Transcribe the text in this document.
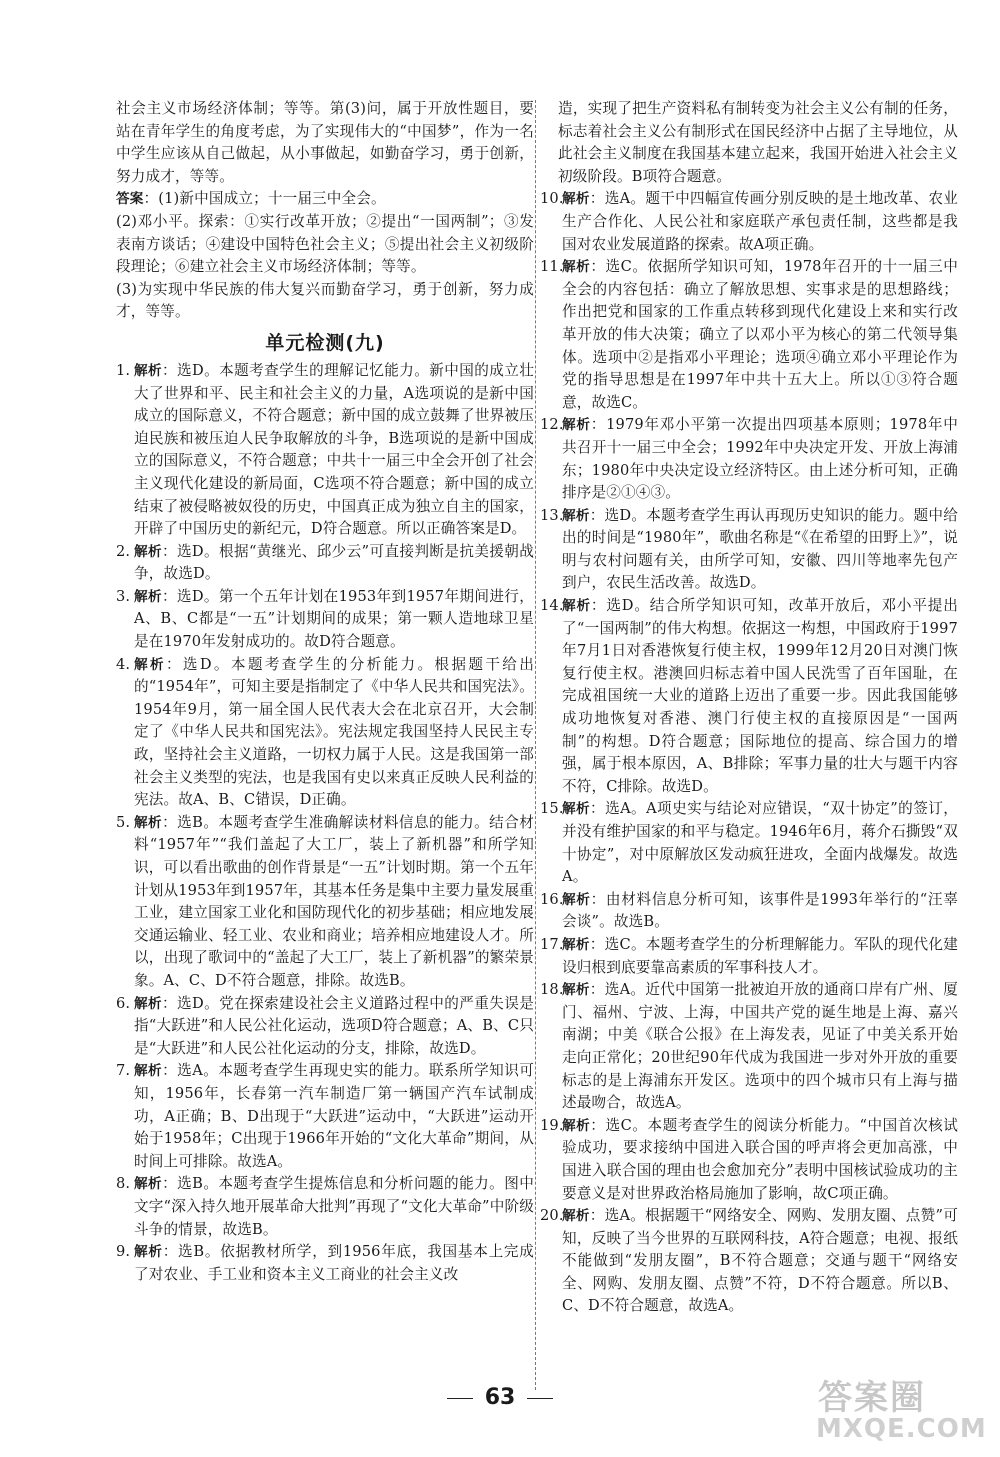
社会主义市场经济体制；等等。第(3)问，属于开放性题目，要站在青年学生的角度考虑，为了实现伟大的“中国梦”，作为一名中学生应该从自己做起，从小事做起，如勤奋学习，勇于创新，努力成才，等等。

答案：(1)新中国成立；十一届三中全会。

(2)邓小平。探索：①实行改革开放；②提出“一国两制”；③发表南方谈话；④建设中国特色社会主义；⑤提出社会主义初级阶段理论；⑥建立社会主义市场经济体制；等等。

(3)为实现中华民族的伟大复兴而勤奋学习，勇于创新，努力成才，等等。

单元检测(九)

1. 解析：选D。本题考查学生的理解记忆能力。新中国的成立壮大了世界和平、民主和社会主义的力量，A选项说的是新中国成立的国际意义，不符合题意；新中国的成立鼓舞了世界被压迫民族和被压迫人民争取解放的斗争，B选项说的是新中国成立的国际意义，不符合题意；中共十一届三中全会开创了社会主义现代化建设的新局面，C选项不符合题意；新中国的成立结束了被侵略被奴役的历史，中国真正成为独立自主的国家，开辟了中国历史的新纪元，D符合题意。所以正确答案是D。

2. 解析：选D。根据“黄继光、邱少云”可直接判断是抗美援朝战争，故选D。

3. 解析：选D。第一个五年计划在1953年到1957年期间进行，A、B、C都是“一五”计划期间的成果；第一颗人造地球卫星是在1970年发射成功的。故D符合题意。

4. 解析：选D。本题考查学生的分析能力。根据题干给出的“1954年”，可知主要是指制定了《中华人民共和国宪法》。1954年9月，第一届全国人民代表大会在北京召开，大会制定了《中华人民共和国宪法》。宪法规定我国坚持人民民主专政，坚持社会主义道路，一切权力属于人民。这是我国第一部社会主义类型的宪法，也是我国有史以来真正反映人民利益的宪法。故A、B、C错误，D正确。

5. 解析：选B。本题考查学生准确解读材料信息的能力。结合材料“1957年”“我们盖起了大工厂，装上了新机器”和所学知识，可以看出歌曲的创作背景是“一五”计划时期。第一个五年计划从1953年到1957年，其基本任务是集中主要力量发展重工业，建立国家工业化和国防现代化的初步基础；相应地发展交通运输业、轻工业、农业和商业；培养相应地建设人才。所以，出现了歌词中的“盖起了大工厂，装上了新机器”的繁荣景象。A、C、D不符合题意，排除。故选B。

6. 解析：选D。党在探索建设社会主义道路过程中的严重失误是指“大跃进”和人民公社化运动，选项D符合题意；A、B、C只是“大跃进”和人民公社化运动的分支，排除，故选D。

7. 解析：选A。本题考查学生再现史实的能力。联系所学知识可知，1956年，长春第一汽车制造厂第一辆国产汽车试制成功，A正确；B、D出现于“大跃进”运动中，“大跃进”运动开始于1958年；C出现于1966年开始的“文化大革命”期间，从时间上可排除。故选A。

8. 解析：选B。本题考查学生提炼信息和分析问题的能力。图中文字“深入持久地开展革命大批判”再现了“文化大革命”中阶级斗争的情景，故选B。

9. 解析：选B。依据教材所学，到1956年底，我国基本上完成了对农业、手工业和资本主义工商业的社会主义改

造，实现了把生产资料私有制转变为社会主义公有制的任务，标志着社会主义公有制形式在国民经济中占据了主导地位，从此社会主义制度在我国基本建立起来，我国开始进入社会主义初级阶段。B项符合题意。

10.
解析：选A。题干中四幅宣传画分别反映的是土地改革、农业生产合作化、人民公社和家庭联产承包责任制，这些都是我国对农业发展道路的探索。故A项正确。

11.
解析：选C。依据所学知识可知，1978年召开的十一届三中全会的内容包括：确立了解放思想、实事求是的思想路线；作出把党和国家的工作重点转移到现代化建设上来和实行改革开放的伟大决策；确立了以邓小平为核心的第二代领导集体。选项中②是指邓小平理论；选项④确立邓小平理论作为党的指导思想是在1997年中共十五大上。所以①③符合题意，故选C。

12.
解析：1979年邓小平第一次提出四项基本原则；1978年中共召开十一届三中全会；1992年中央决定开发、开放上海浦东；1980年中央决定设立经济特区。由上述分析可知，正确排序是②①④③。

13.
解析：选D。本题考查学生再认再现历史知识的能力。题中给出的时间是“1980年”，歌曲名称是“《在希望的田野上》”，说明与农村问题有关，由所学可知，安徽、四川等地率先包产到户，农民生活改善。故选D。

14.
解析：选D。结合所学知识可知，改革开放后，邓小平提出了“一国两制”的伟大构想。依据这一构想，中国政府于1997年7月1日对香港恢复行使主权，1999年12月20日对澳门恢复行使主权。港澳回归标志着中国人民洗雪了百年国耻，在完成祖国统一大业的道路上迈出了重要一步。因此我国能够成功地恢复对香港、澳门行使主权的直接原因是“一国两制”的构想。D符合题意；国际地位的提高、综合国力的增强，属于根本原因，A、B排除；军事力量的壮大与题干内容不符，C排除。故选D。

15.
解析：选A。A项史实与结论对应错误，“双十协定”的签订，并没有维护国家的和平与稳定。1946年6月，蒋介石撕毁“双十协定”，对中原解放区发动疯狂进攻，全面内战爆发。故选A。

16.
解析：由材料信息分析可知，该事件是1993年举行的“汪辜会谈”。故选B。

17.
解析：选C。本题考查学生的分析理解能力。军队的现代化建设归根到底要靠高素质的军事科技人才。

18.
解析：选A。近代中国第一批被迫开放的通商口岸有广州、厦门、福州、宁波、上海，中国共产党的诞生地是上海、嘉兴南湖；中美《联合公报》在上海发表，见证了中美关系开始走向正常化；20世纪90年代成为我国进一步对外开放的重要标志的是上海浦东开发区。选项中的四个城市只有上海与描述最吻合，故选A。

19.
解析：选C。本题考查学生的阅读分析能力。“中国首次核试验成功，要求接纳中国进入联合国的呼声将会更加高涨，中国进入联合国的理由也会愈加充分”表明中国核试验成功的主要意义是对世界政治格局施加了影响，故C项正确。

20.
解析：选A。根据题干“网络安全、网购、发朋友圈、点赞”可知，反映了当今世界的互联网科技，A符合题意；电视、报纸不能做到“发朋友圈”，B不符合题意；交通与题干“网络安全、网购、发朋友圈、点赞”不符，D不符合题意。所以B、C、D不符合题意，故选A。

63	答案圈
MXQE.COM
